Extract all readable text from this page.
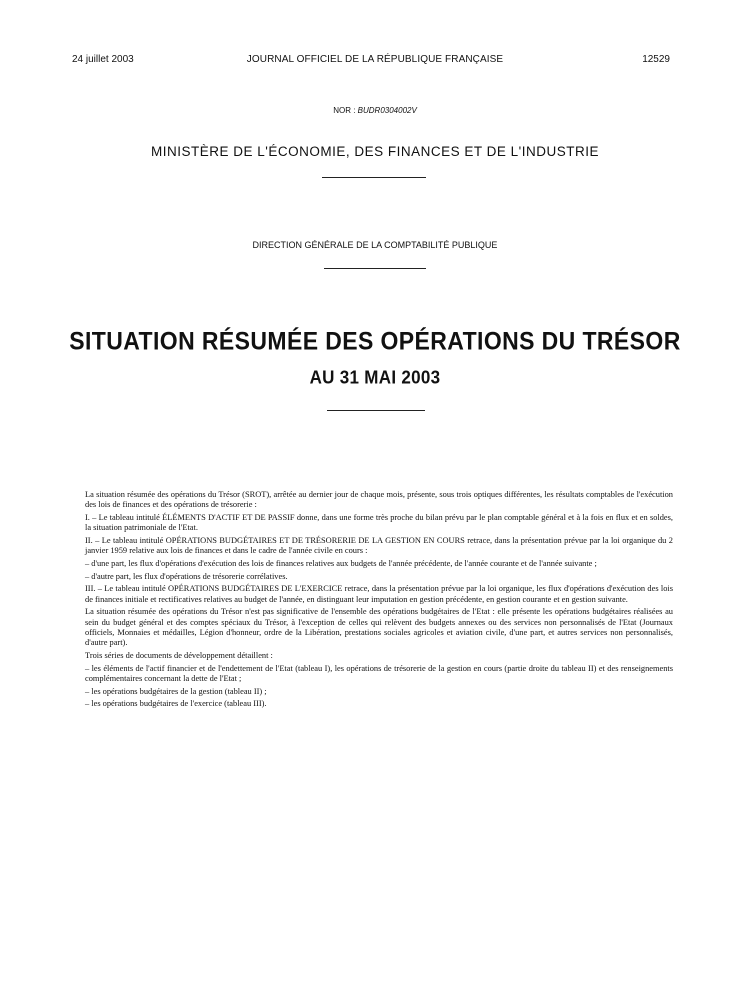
24 juillet 2003	JOURNAL OFFICIEL DE LA RÉPUBLIQUE FRANÇAISE	12529
NOR : BUDR0304002V
MINISTÈRE DE L'ÉCONOMIE, DES FINANCES ET DE L'INDUSTRIE
DIRECTION GÉNÉRALE DE LA COMPTABILITÉ PUBLIQUE
SITUATION RÉSUMÉE DES OPÉRATIONS DU TRÉSOR
AU 31 MAI 2003

La situation résumée des opérations du Trésor (SROT), arrêtée au dernier jour de chaque mois, présente, sous trois optiques différentes, les résultats comptables de l'exécution des lois de finances et des opérations de trésorerie :

I. – Le tableau intitulé ÉLÉMENTS D'ACTIF ET DE PASSIF donne, dans une forme très proche du bilan prévu par le plan comptable général et à la fois en flux et en soldes, la situation patrimoniale de l'Etat.

II. – Le tableau intitulé OPÉRATIONS BUDGÉTAIRES ET DE TRÉSORERIE DE LA GESTION EN COURS retrace, dans la présentation prévue par la loi organique du 2 janvier 1959 relative aux lois de finances et dans le cadre de l'année civile en cours :

– d'une part, les flux d'opérations d'exécution des lois de finances relatives aux budgets de l'année précédente, de l'année courante et de l'année suivante ;

– d'autre part, les flux d'opérations de trésorerie corrélatives.

III. – Le tableau intitulé OPÉRATIONS BUDGÉTAIRES DE L'EXERCICE retrace, dans la présentation prévue par la loi organique, les flux d'opérations d'exécution des lois de finances initiale et rectificatives relatives au budget de l'année, en distinguant leur imputation en gestion précédente, en gestion courante et en gestion suivante.

La situation résumée des opérations du Trésor n'est pas significative de l'ensemble des opérations budgétaires de l'Etat : elle présente les opérations budgétaires réalisées au sein du budget général et des comptes spéciaux du Trésor, à l'exception de celles qui relèvent des budgets annexes ou des services non personnalisés de l'Etat (Journaux officiels, Monnaies et médailles, Légion d'honneur, ordre de la Libération, prestations sociales agricoles et aviation civile, d'une part, et autres services non personnalisés, d'autre part).

Trois séries de documents de développement détaillent :

– les éléments de l'actif financier et de l'endettement de l'Etat (tableau I), les opérations de trésorerie de la gestion en cours (partie droite du tableau II) et des renseignements complémentaires concernant la dette de l'Etat ;

– les opérations budgétaires de la gestion (tableau II) ;

– les opérations budgétaires de l'exercice (tableau III).
